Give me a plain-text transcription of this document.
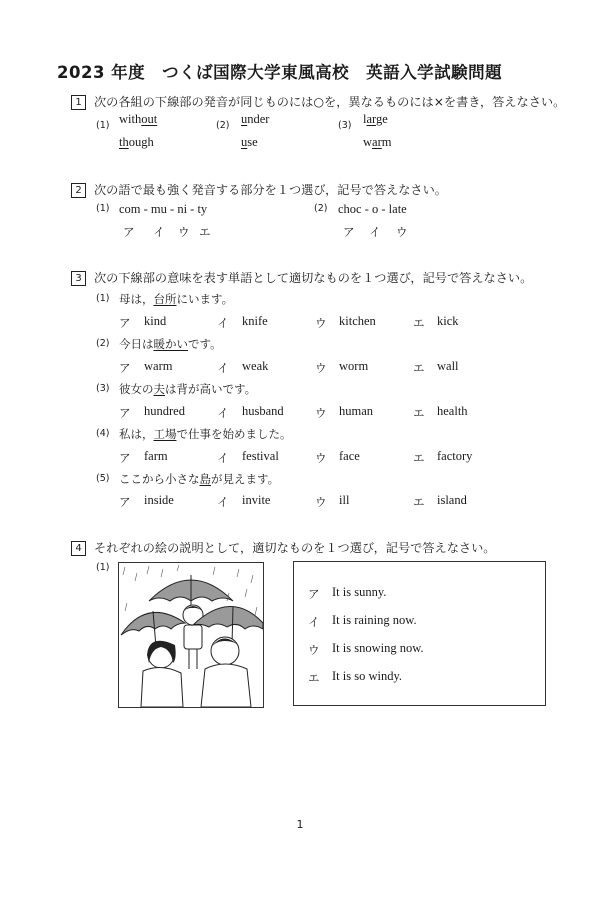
2023 年度　つくば国際大学東風高校　英語入学試験問題
1 次の各組の下線部の発音が同じものには○を，異なるものには×を書き，答えなさい。
(1) without
though
(2) under
use
(3) large
warm
2 次の語で最も強く発音する部分を１つ選び，記号で答えなさい。
(1) com - mu - ni - ty
ア イ ウ エ
(2) choc - o - late
ア イ ウ
3 次の下線部の意味を表す単語として適切なものを１つ選び，記号で答えなさい。
(1) 母は，台所にいます。
ア kind	イ knife	ウ kitchen	エ kick
(2) 今日は暖かいです。
ア warm	イ weak	ウ worm	エ wall
(3) 彼女の夫は背が高いです。
ア hundred	イ husband	ウ human	エ health
(4) 私は，工場で仕事を始めました。
ア farm	イ festival	ウ face	エ factory
(5) ここから小さな島が見えます。
ア inside	イ invite	ウ ill	エ island
4 それぞれの絵の説明として，適切なものを１つ選び，記号で答えなさい。
(1)
ア It is sunny.
イ It is raining now.
ウ It is snowing now.
エ It is so windy.
1
